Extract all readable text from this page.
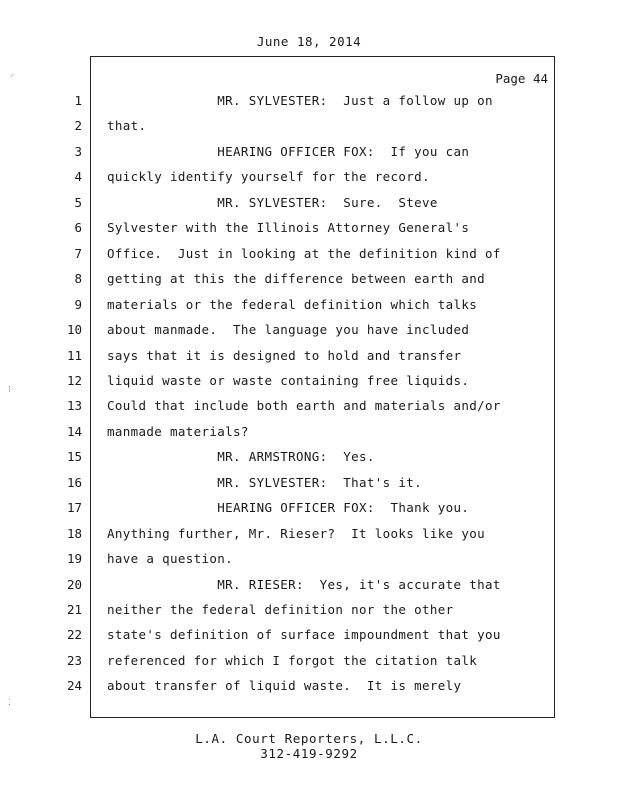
June 18, 2014
Page 44
1 MR. SYLVESTER:  Just a follow up on
2 that.
3 HEARING OFFICER FOX:  If you can
4 quickly identify yourself for the record.
5 MR. SYLVESTER:  Sure.  Steve
6 Sylvester with the Illinois Attorney General's
7 Office.  Just in looking at the definition kind of
8 getting at this the difference between earth and
9 materials or the federal definition which talks
10 about manmade.  The language you have included
11 says that it is designed to hold and transfer
12 liquid waste or waste containing free liquids.
13 Could that include both earth and materials and/or
14 manmade materials?
15 MR. ARMSTRONG:  Yes.
16 MR. SYLVESTER:  That's it.
17 HEARING OFFICER FOX:  Thank you.
18 Anything further, Mr. Rieser?  It looks like you
19 have a question.
20 MR. RIESER:  Yes, it's accurate that
21 neither the federal definition nor the other
22 state's definition of surface impoundment that you
23 referenced for which I forgot the citation talk
24 about transfer of liquid waste.  It is merely
L.A. Court Reporters, L.L.C.
312-419-9292
⸍
⁝
⁚
